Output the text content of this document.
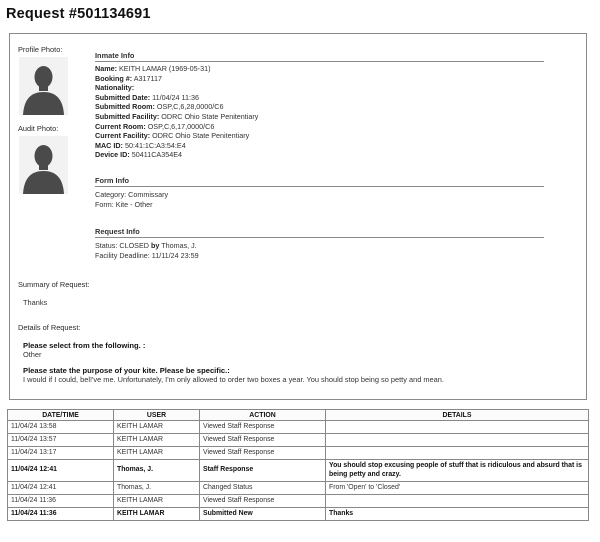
Request #501134691
Profile Photo:
Audit Photo:
Inmate Info
Name: KEITH LAMAR (1969-05-31)
Booking #: A317117
Nationality:
Submitted Date: 11/04/24 11:36
Submitted Room: OSP,C,6,28,0000/C6
Submitted Facility: ODRC Ohio State Penitentiary
Current Room: OSP,C,6,17,0000/C6
Current Facility: ODRC Ohio State Penitentiary
MAC ID: 50:41:1C:A3:54:E4
Device ID: 50411CA354E4
Form Info
Category: Commissary
Form: Kite - Other
Request Info
Status: CLOSED by Thomas, J.
Facility Deadline: 11/11/24 23:59
Summary of Request:
Thanks
Details of Request:
Please select from the following. :
Other
Please state the purpose of your kite. Please be specific.:
I would if I could, bel!'ve me. Unfortunately, I'm only allowed to order two boxes a year. You should stop being so petty and mean.
DATE/TIME	USER	ACTION	DETAILS
11/04/24 13:58	KEITH LAMAR	Viewed Staff Response	
11/04/24 13:57	KEITH LAMAR	Viewed Staff Response	
11/04/24 13:17	KEITH LAMAR	Viewed Staff Response	
11/04/24 12:41	Thomas, J.	Staff Response	You should stop excusing people of stuff that is ridiculous and absurd that is being petty and crazy.
11/04/24 12:41	Thomas, J.	Changed Status	From 'Open' to 'Closed'
11/04/24 11:36	KEITH LAMAR	Viewed Staff Response	
11/04/24 11:36	KEITH LAMAR	Submitted New	Thanks
